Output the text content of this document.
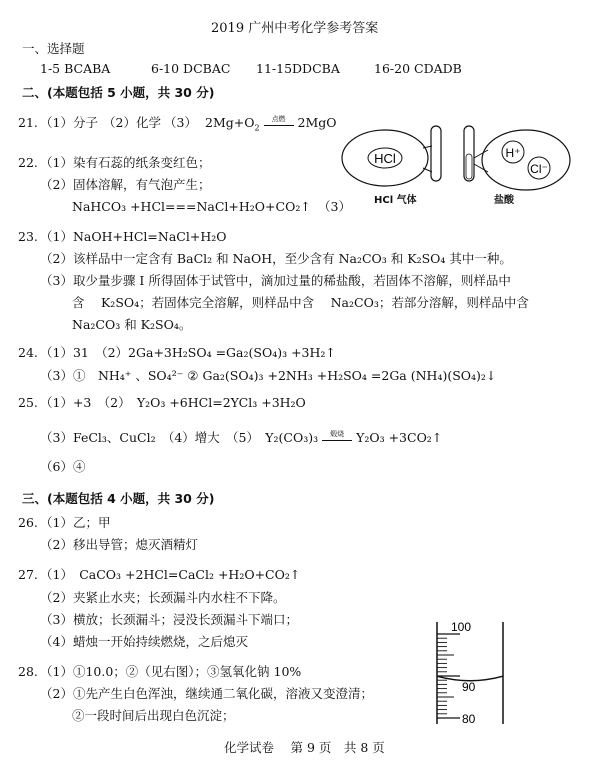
2019 广州中考化学参考答案
一、选择题
1-5 BCABA	6-10 DCBAC 11-15DDCBA	16-20 CDADB
二、(本题包括 5 小题，共 30 分)
21. （1）分子 （2）化学 （3） $2Mg+O_2$
点燃 2MgO
22. （1）染有石蕊的纸条变红色；
（2）固体溶解，有气泡产生；
NaHCO₃ +HCl===NaCl+H₂O+CO₂↑ （3）
HCl	H⁺
Cl⁻
HCl 气体	盐酸
23. （1）NaOH+HCl=NaCl+H₂O
（2）该样品中一定含有 BaCl₂ 和 NaOH，至少含有 Na₂CO₃ 和 K₂SO₄ 其中一种。
（3）取少量步骤 Ⅰ 所得固体于试管中，滴加过量的稀盐酸，若固体不溶解，则样品中
含　 K₂SO₄；若固体完全溶解，则样品中含　 Na₂CO₃；若部分溶解，则样品中含
Na₂CO₃ 和 K₂SO₄。
24. （1）31　（2）2Ga+3H₂SO₄ =Ga₂(SO₄)₃ +3H₂↑
（3）①　NH₄⁺ 、SO₄²⁻ ② Ga₂(SO₄)₃ +2NH₃ +H₂SO₄ =2Ga (NH₄)(SO₄)₂↓
25. （1）+3　（2）　Y₂O₃ +6HCl=2YCl₃ +3H₂O
（3）FeCl₃、CuCl₂　（4）增大　（5）　Y₂(CO₃)₃	煅烧 Y₂O₃ +3CO₂↑
（6）④
三、(本题包括 4 小题，共 30 分)
26. （1）乙；甲
（2）移出导管；熄灭酒精灯
27. （1）　CaCO₃ +2HCl=CaCl₂ +H₂O+CO₂↑
（2）夹紧止水夹；长颈漏斗内水柱不下降。
（3）横放；长颈漏斗；浸没长颈漏斗下端口；
（4）蜡烛一开始持续燃烧，之后熄灭
28. （1）①10.0；②（见右图）；③氢氧化钠 10%
（2）①先产生白色浑浊，继续通二氧化碳，溶液又变澄清；
②一段时间后出现白色沉淀；
100
90
80
化学试卷　 第 9 页　共 8 页
